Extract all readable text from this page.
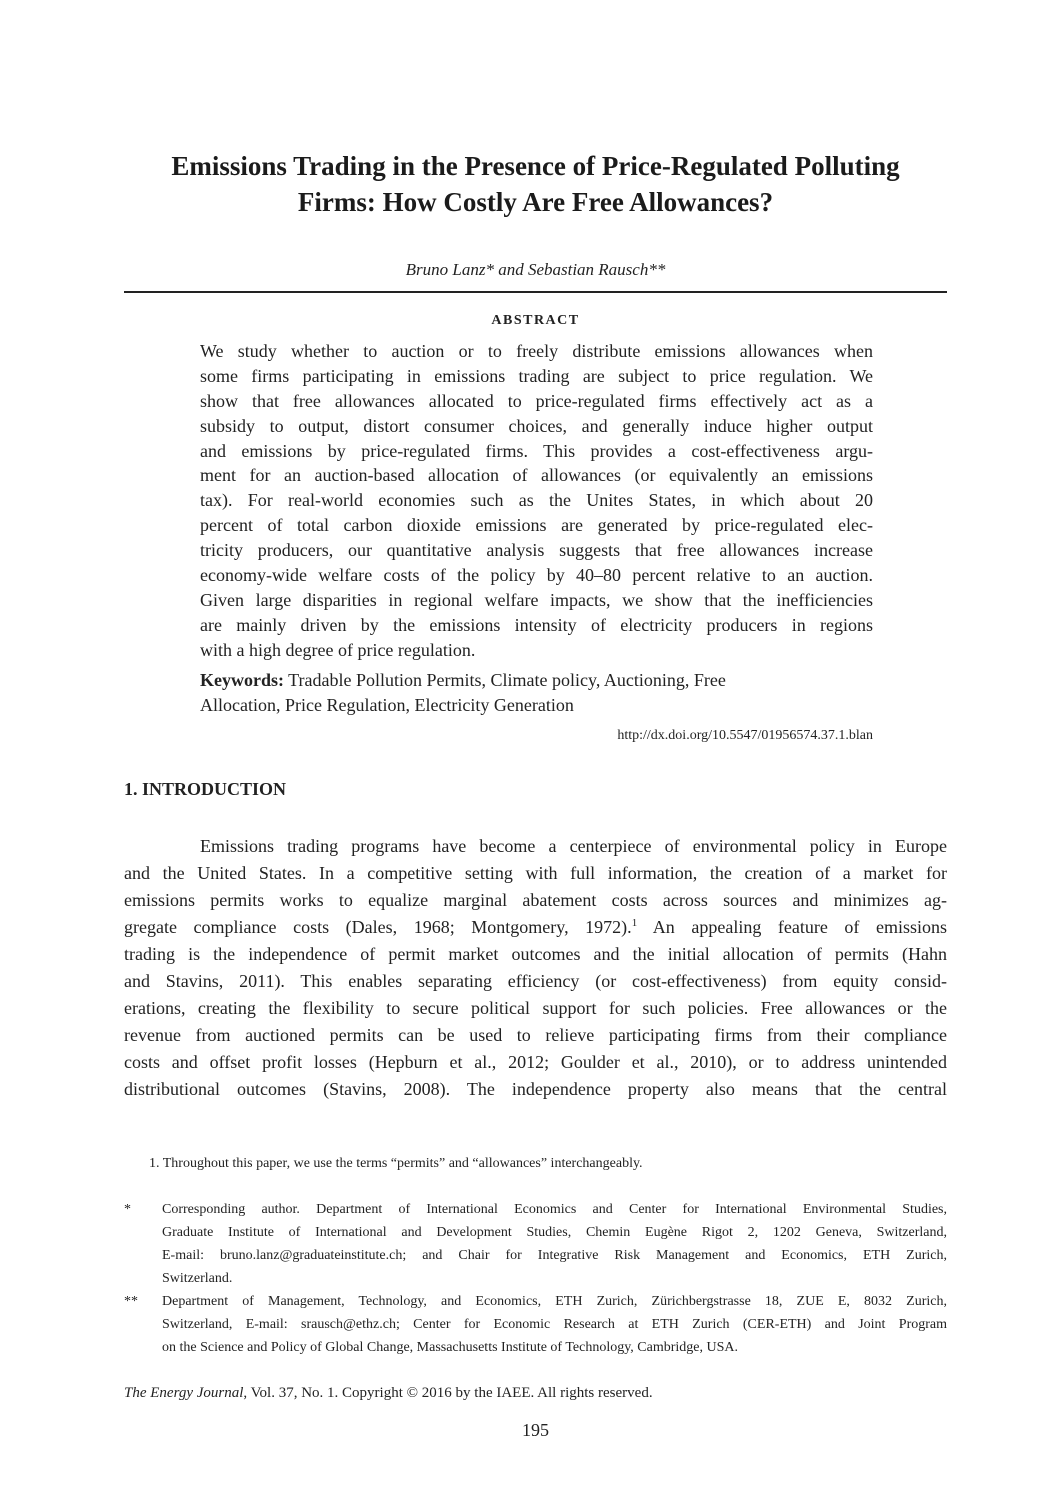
Emissions Trading in the Presence of Price-Regulated Polluting
Firms: How Costly Are Free Allowances?
Bruno Lanz* and Sebastian Rausch**
ABSTRACT
We study whether to auction or to freely distribute emissions allowances when
some firms participating in emissions trading are subject to price regulation. We
show that free allowances allocated to price-regulated firms effectively act as a
subsidy to output, distort consumer choices, and generally induce higher output
and emissions by price-regulated firms. This provides a cost-effectiveness argu-
ment for an auction-based allocation of allowances (or equivalently an emissions
tax). For real-world economies such as the Unites States, in which about 20
percent of total carbon dioxide emissions are generated by price-regulated elec-
tricity producers, our quantitative analysis suggests that free allowances increase
economy-wide welfare costs of the policy by 40–80 percent relative to an auction.
Given large disparities in regional welfare impacts, we show that the inefficiencies
are mainly driven by the emissions intensity of electricity producers in regions
with a high degree of price regulation.
Keywords: Tradable Pollution Permits, Climate policy, Auctioning, Free
Allocation, Price Regulation, Electricity Generation
http://dx.doi.org/10.5547/01956574.37.1.blan
1. INTRODUCTION
Emissions trading programs have become a centerpiece of environmental policy in Europe
and the United States. In a competitive setting with full information, the creation of a market for
emissions permits works to equalize marginal abatement costs across sources and minimizes ag-
gregate compliance costs (Dales, 1968; Montgomery, 1972).$^1$ An appealing feature of emissions
trading is the independence of permit market outcomes and the initial allocation of permits (Hahn
and Stavins, 2011). This enables separating efficiency (or cost-effectiveness) from equity consid-
erations, creating the flexibility to secure political support for such policies. Free allowances or the
revenue from auctioned permits can be used to relieve participating firms from their compliance
costs and offset profit losses (Hepburn et al., 2012; Goulder et al., 2010), or to address unintended
distributional outcomes (Stavins, 2008). The independence property also means that the central
1. Throughout this paper, we use the terms “permits” and “allowances” interchangeably.
*	Corresponding author. Department of International Economics and Center for International Environmental Studies,
Graduate Institute of International and Development Studies, Chemin Eugène Rigot 2, 1202 Geneva, Switzerland,
E-mail: bruno.lanz@graduateinstitute.ch; and Chair for Integrative Risk Management and Economics, ETH Zurich,
Switzerland.
**	Department of Management, Technology, and Economics, ETH Zurich, Zürichbergstrasse 18, ZUE E, 8032 Zurich,
Switzerland, E-mail: srausch@ethz.ch; Center for Economic Research at ETH Zurich (CER-ETH) and Joint Program
on the Science and Policy of Global Change, Massachusetts Institute of Technology, Cambridge, USA.
The Energy Journal, Vol. 37, No. 1. Copyright © 2016 by the IAEE. All rights reserved.
195
